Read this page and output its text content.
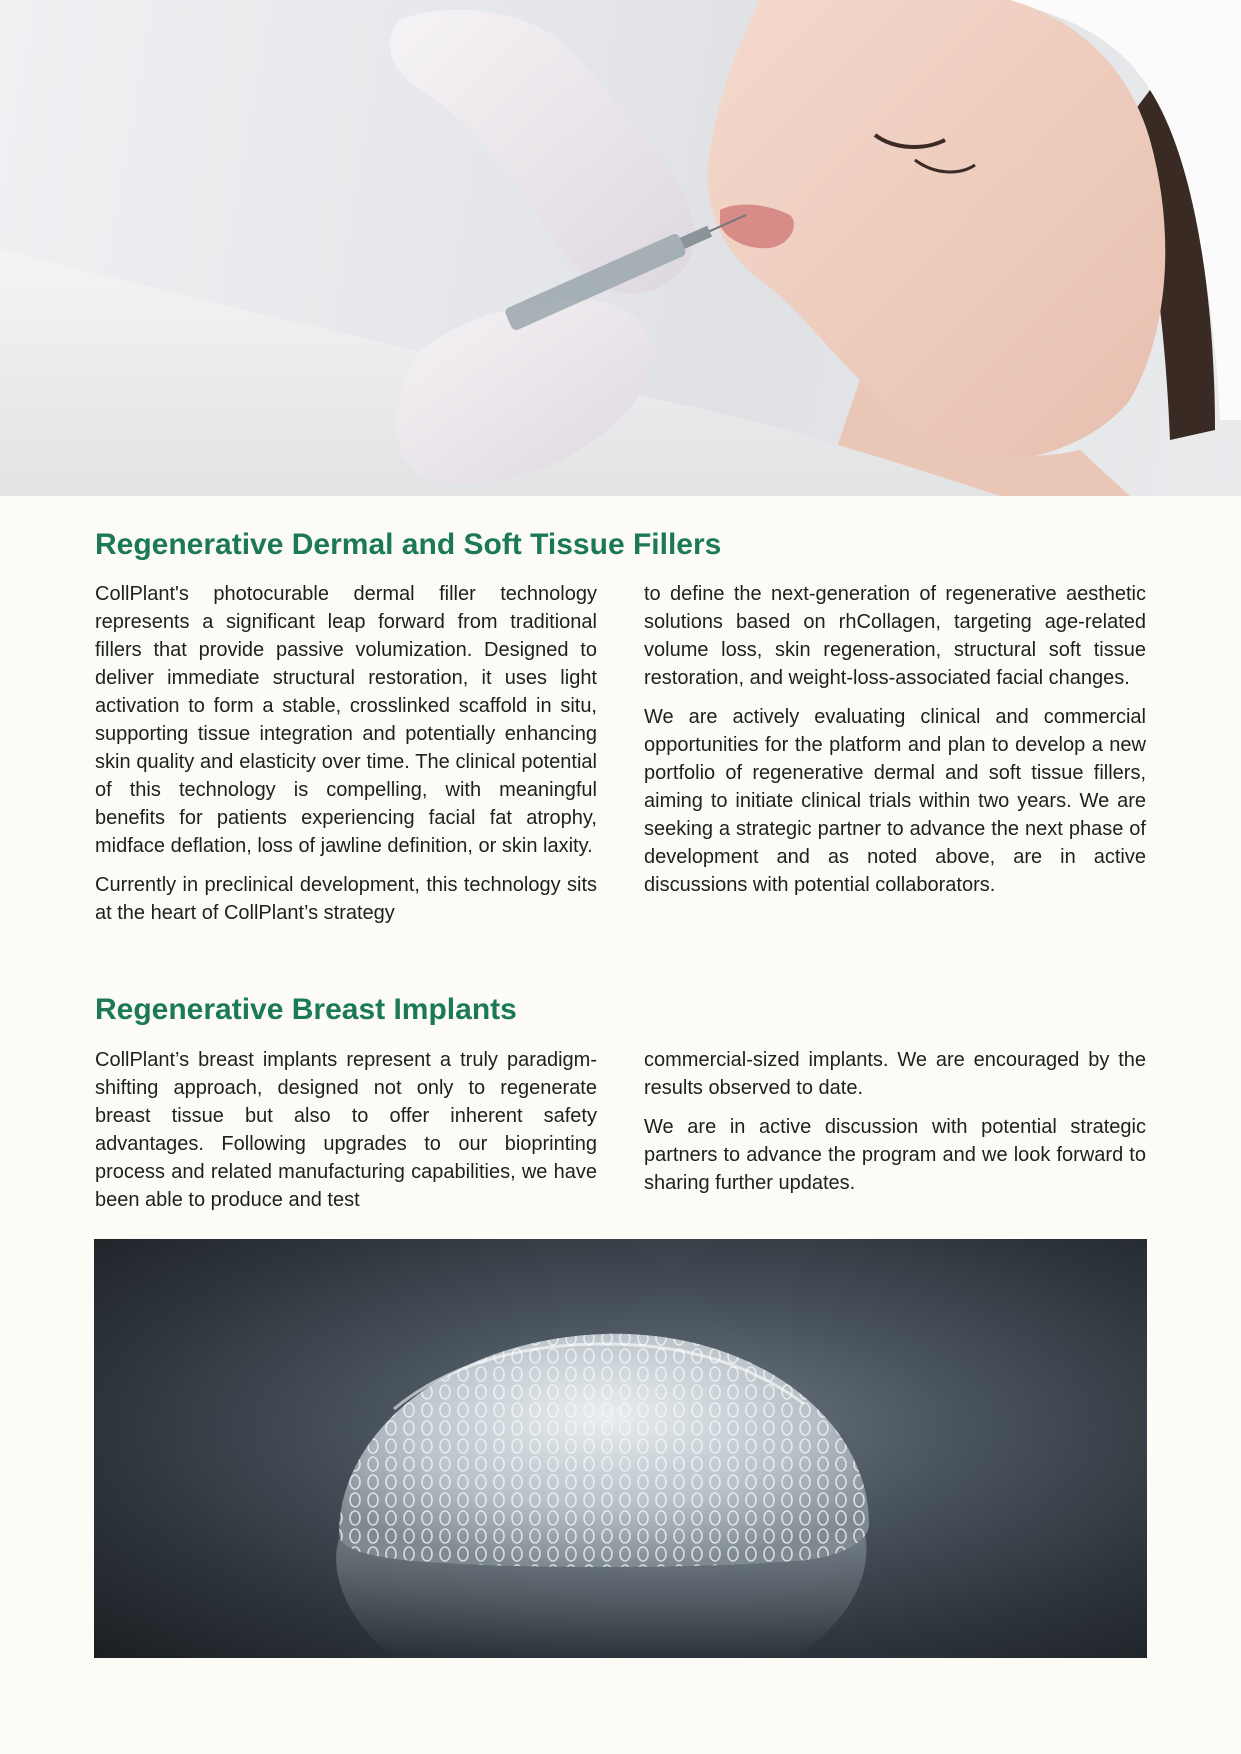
Regenerative Dermal and Soft Tissue Fillers

CollPlant's photocurable dermal filler technology represents a significant leap forward from traditional fillers that provide passive volumization. Designed to deliver immediate structural restoration, it uses light activation to form a stable, crosslinked scaffold in situ, supporting tissue integration and potentially enhancing skin quality and elasticity over time. The clinical potential of this technology is compelling, with meaningful benefits for patients experiencing facial fat atrophy, midface deflation, loss of jawline definition, or skin laxity.

Currently in preclinical development, this technology sits at the heart of CollPlant’s strategy

to define the next-generation of regenerative aesthetic solutions based on rhCollagen, targeting age-related volume loss, skin regeneration, structural soft tissue restoration, and weight-loss-associated facial changes.

We are actively evaluating clinical and commercial opportunities for the platform and plan to develop a new portfolio of regenerative dermal and soft tissue fillers, aiming to initiate clinical trials within two years. We are seeking a strategic partner to advance the next phase of development and as noted above, are in active discussions with potential collaborators.

Regenerative Breast Implants

CollPlant’s breast implants represent a truly paradigm-shifting approach, designed not only to regenerate breast tissue but also to offer inherent safety advantages. Following upgrades to our bioprinting process and related manufacturing capabilities, we have been able to produce and test

commercial-sized implants. We are encouraged by the results observed to date.

We are in active discussion with potential strategic partners to advance the program and we look forward to sharing further updates.
